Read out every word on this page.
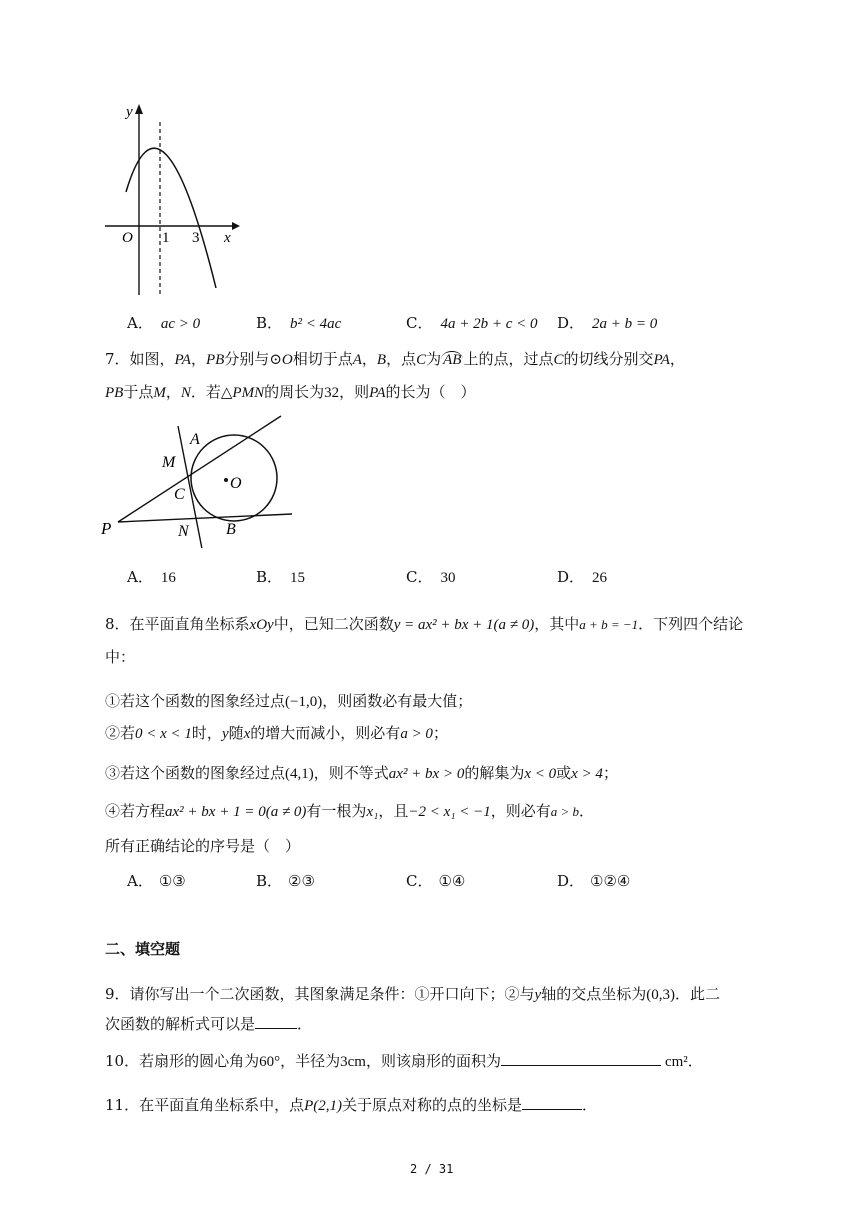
y
x
O 1 3
A． ac > 0	B． b² < 4ac	C． 4a + 2b + c < 0 D． 2a + b = 0
7．如图，PA，PB分别与⊙O相切于点A，B，点C为 AB 上的点，过点C的切线分别交PA，
PB于点M，N．若△PMN的周长为32，则PA的长为（　）
A
M
C
O
P	N B
A． 16	B． 15	C． 30	D． 26
8．在平面直角坐标系xOy中，已知二次函数y = ax² + bx + 1(a ≠ 0)，其中a + b = −1．下列四个结论
中：
①若这个函数的图象经过点(−1,0)，则函数必有最大值；
②若0 < x < 1时，y随x的增大而减小，则必有a > 0；
③若这个函数的图象经过点(4,1)，则不等式ax² + bx > 0的解集为x < 0或x > 4；
④若方程ax² + bx + 1 = 0(a ≠ 0)有一根为x₁，且−2 < x₁ < −1，则必有a > b．
所有正确结论的序号是（　）
A． ①③	B． ②③	C． ①④	D． ①②④
二、填空题
9．请你写出一个二次函数，其图象满足条件：①开口向下；②与y轴的交点坐标为(0,3)．此二
次函数的解析式可以是	．
10．若扇形的圆心角为60°，半径为3cm，则该扇形的面积为	cm²．
11．在平面直角坐标系中，点P(2,1)关于原点对称的点的坐标是	．
2 / 31
